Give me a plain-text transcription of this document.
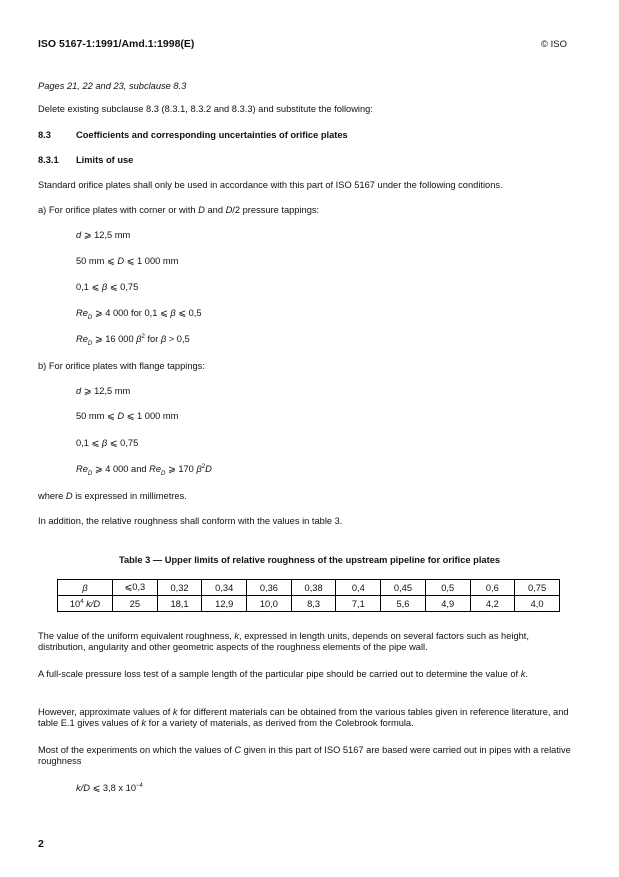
ISO 5167-1:1991/Amd.1:1998(E)	© ISO
Pages 21, 22 and 23, subclause 8.3
Delete existing subclause 8.3 (8.3.1, 8.3.2 and 8.3.3) and substitute the following:
8.3	Coefficients and corresponding uncertainties of orifice plates
8.3.1 Limits of use
Standard orifice plates shall only be used in accordance with this part of ISO 5167 under the following conditions.
a) For orifice plates with corner or with D and D/2 pressure tappings:
d ⩾ 12,5 mm
50 mm ⩽ D ⩽ 1 000 mm
0,1 ⩽ β ⩽ 0,75
$Re_D$ ⩾ 4 000 for 0,1 ⩽ β ⩽ 0,5
$Re_D$ ⩾ 16 000 $\beta^2$ for β > 0,5
b) For orifice plates with flange tappings:
d ⩾ 12,5 mm
50 mm ⩽ D ⩽ 1 000 mm
0,1 ⩽ β ⩽ 0,75
$Re_D$ ⩾ 4 000 and $Re_D$ ⩾ 170 $\beta^2D$
where D is expressed in millimetres.
In addition, the relative roughness shall conform with the values in table 3.
Table 3 — Upper limits of relative roughness of the upstream pipeline for orifice plates
β	⩽0,3	0,32	0,34	0,36	0,38	0,4	0,45	0,5	0,6	0,75
$10^4$ k/D	25	18,1	12,9	10,0	8,3	7,1	5,6	4,9	4,2	4,0
The value of the uniform equivalent roughness, k, expressed in length units, depends on several factors such as height, distribution, angularity and other geometric aspects of the roughness elements of the pipe wall.
A full-scale pressure loss test of a sample length of the particular pipe should be carried out to determine the value of k.
However, approximate values of k for different materials can be obtained from the various tables given in reference literature, and table E.1 gives values of k for a variety of materials, as derived from the Colebrook formula.
Most of the experiments on which the values of C given in this part of ISO 5167 are based were carried out in pipes with a relative roughness
k/D ⩽ 3,8 x $10^{-4}$
2
